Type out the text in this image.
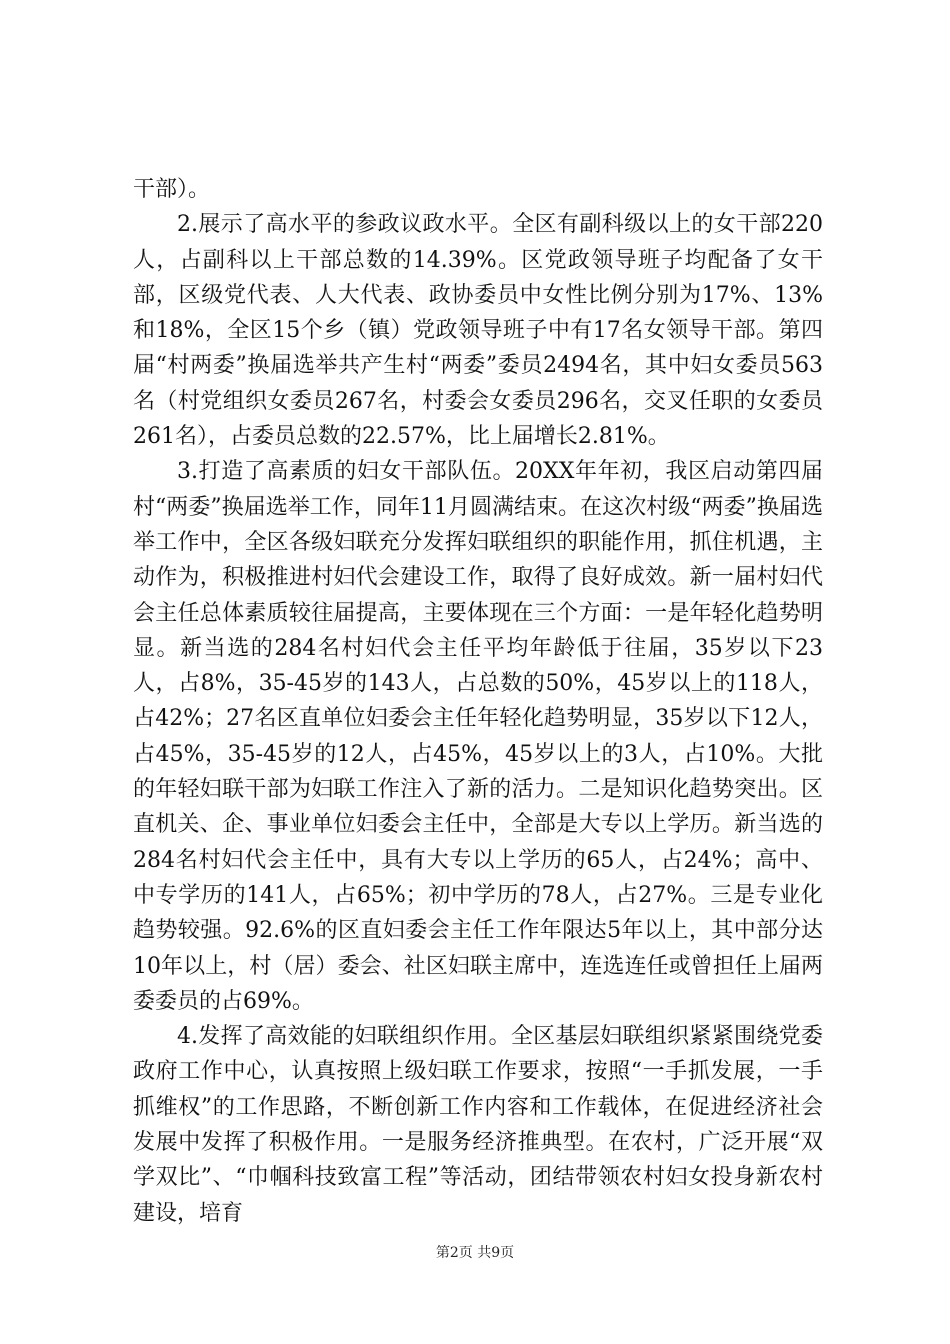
干部）。

2.展示了高水平的参政议政水平。全区有副科级以上的女干部220人，占副科以上干部总数的14.39%。区党政领导班子均配备了女干部，区级党代表、人大代表、政协委员中女性比例分别为17%、13%和18%，全区15个乡（镇）党政领导班子中有17名女领导干部。第四届“村两委”换届选举共产生村“两委”委员2494名，其中妇女委员563名（村党组织女委员267名，村委会女委员296名，交叉任职的女委员261名），占委员总数的22.57%，比上届增长2.81%。

3.打造了高素质的妇女干部队伍。20XX年年初，我区启动第四届村“两委”换届选举工作，同年11月圆满结束。在这次村级“两委”换届选举工作中，全区各级妇联充分发挥妇联组织的职能作用，抓住机遇，主动作为，积极推进村妇代会建设工作，取得了良好成效。新一届村妇代会主任总体素质较往届提高，主要体现在三个方面：一是年轻化趋势明显。新当选的284名村妇代会主任平均年龄低于往届，35岁以下23人，占8%，35-45岁的143人，占总数的50%，45岁以上的118人，占42%；27名区直单位妇委会主任年轻化趋势明显，35岁以下12人，占45%，35-45岁的12人，占45%，45岁以上的3人，占10%。大批的年轻妇联干部为妇联工作注入了新的活力。二是知识化趋势突出。区直机关、企、事业单位妇委会主任中，全部是大专以上学历。新当选的284名村妇代会主任中，具有大专以上学历的65人，占24%；高中、中专学历的141人，占65%；初中学历的78人，占27%。三是专业化趋势较强。92.6%的区直妇委会主任工作年限达5年以上，其中部分达10年以上，村（居）委会、社区妇联主席中，连选连任或曾担任上届两委委员的占69%。

4.发挥了高效能的妇联组织作用。全区基层妇联组织紧紧围绕党委政府工作中心，认真按照上级妇联工作要求，按照“一手抓发展，一手抓维权”的工作思路，不断创新工作内容和工作载体，在促进经济社会发展中发挥了积极作用。一是服务经济推典型。在农村，广泛开展“双学双比”、“巾帼科技致富工程”等活动，团结带领农村妇女投身新农村建设，培育

第2页 共9页
